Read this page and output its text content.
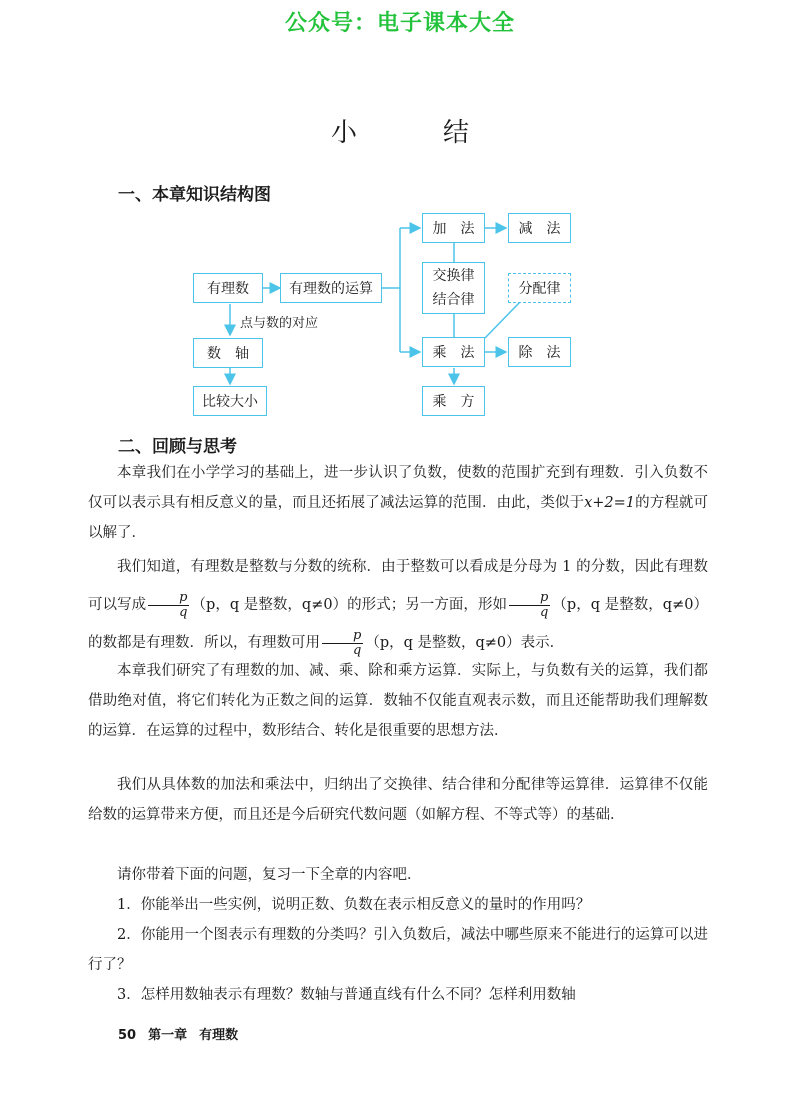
公众号：电子课本大全
小　结
一、本章知识结构图
有理数	有理数的运算
点与数的对应
数　轴
比较大小
加　法	减　法
交换律
结合律
分配律
乘　法	除　法
乘　方
二、回顾与思考
本章我们在小学学习的基础上，进一步认识了负数，使数的范围扩充到有理数．引入负数不仅可以表示具有相反意义的量，而且还拓展了减法运算的范围．由此，类似于x+2=1的方程就可以解了．
我们知道，有理数是整数与分数的统称．由于整数可以看成是分母为 1 的分数，因此有理数可以写成 $\frac{p}{q} (p$，q 是整数，q≠0）的形式；另一方面，形如 $\frac{p}{q} (p$，q 是整数，q≠0）的数都是有理数．所以，有理数可用 $\frac{p}{q} (p$，q 是整数，q≠0）表示．
本章我们研究了有理数的加、减、乘、除和乘方运算．实际上，与负数有关的运算，我们都借助绝对值，将它们转化为正数之间的运算．数轴不仅能直观表示数，而且还能帮助我们理解数的运算．在运算的过程中，数形结合、转化是很重要的思想方法．
我们从具体数的加法和乘法中，归纳出了交换律、结合律和分配律等运算律．运算律不仅能给数的运算带来方便，而且还是今后研究代数问题（如解方程、不等式等）的基础．
请你带着下面的问题，复习一下全章的内容吧．
1．你能举出一些实例，说明正数、负数在表示相反意义的量时的作用吗？
2．你能用一个图表示有理数的分类吗？引入负数后，减法中哪些原来不能进行的运算可以进行了？
3．怎样用数轴表示有理数？数轴与普通直线有什么不同？怎样利用数轴
50 第一章 有理数
